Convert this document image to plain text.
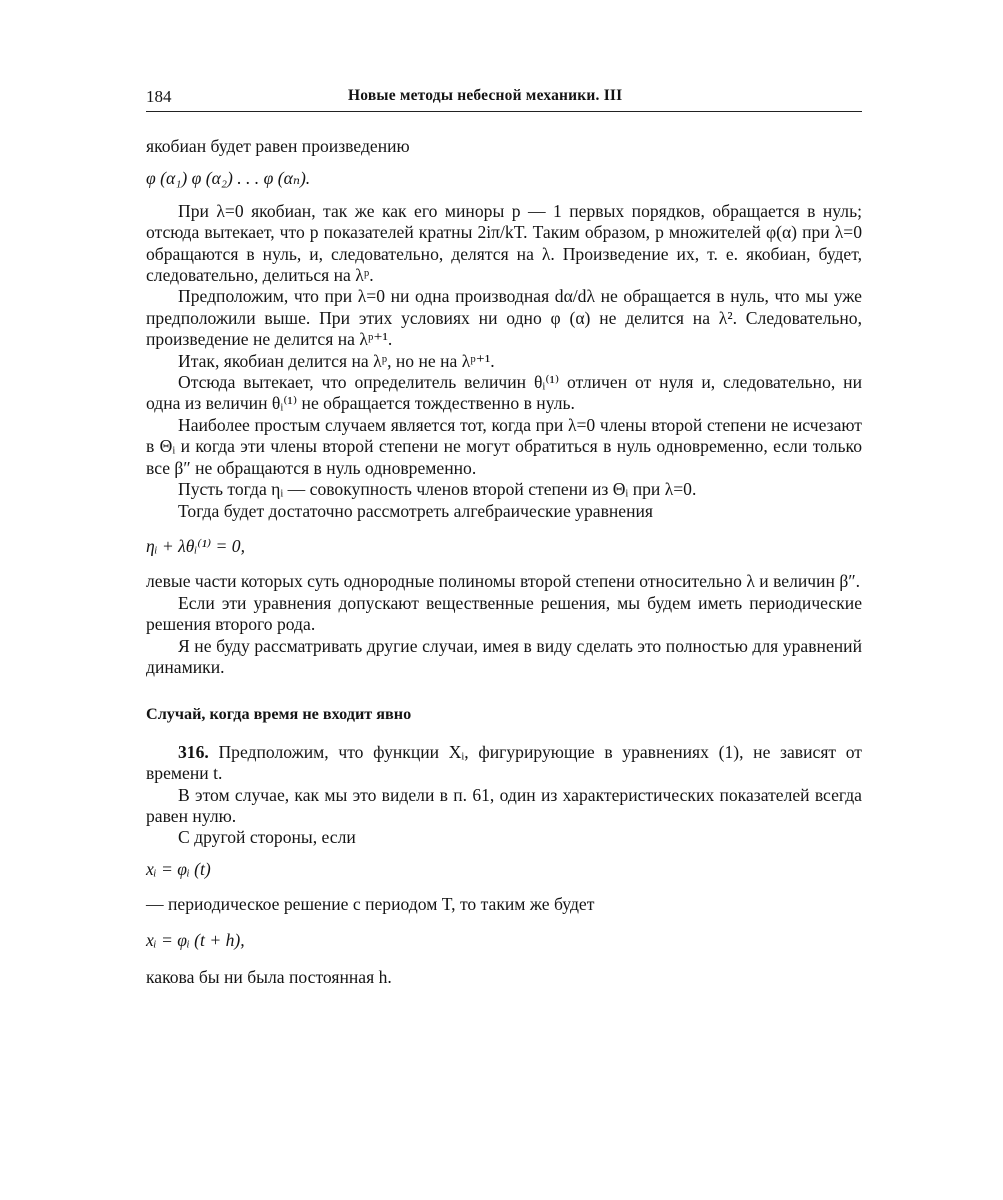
184	Новые методы небесной механики. III

якобиан будет равен произведению

φ (α₁) φ (α₂) . . . φ (αₙ).

При λ=0 якобиан, так же как его миноры p — 1 первых порядков, обращается в нуль; отсюда вытекает, что p показателей кратны 2iπ/kT. Таким образом, p множителей φ(α) при λ=0 обращаются в нуль, и, следовательно, делятся на λ. Произведение их, т. е. якобиан, будет, следовательно, делиться на λᵖ.

Предположим, что при λ=0 ни одна производная dα/dλ не обращается в нуль, что мы уже предположили выше. При этих условиях ни одно φ (α) не делится на λ². Следовательно, произведение не делится на λᵖ⁺¹.

Итак, якобиан делится на λᵖ, но не на λᵖ⁺¹.

Отсюда вытекает, что определитель величин θᵢ⁽¹⁾ отличен от нуля и, следовательно, ни одна из величин θᵢ⁽¹⁾ не обращается тождественно в нуль.

Наиболее простым случаем является тот, когда при λ=0 члены второй степени не исчезают в Θᵢ и когда эти члены второй степени не могут обратиться в нуль одновременно, если только все β″ не обращаются в нуль одновременно.

Пусть тогда ηᵢ — совокупность членов второй степени из Θᵢ при λ=0.

Тогда будет достаточно рассмотреть алгебраические уравнения

ηᵢ + λθᵢ⁽¹⁾ = 0,

левые части которых суть однородные полиномы второй степени относительно λ и величин β″.

Если эти уравнения допускают вещественные решения, мы будем иметь периодические решения второго рода.

Я не буду рассматривать другие случаи, имея в виду сделать это полностью для уравнений динамики.

Случай, когда время не входит явно

316. Предположим, что функции Xᵢ, фигурирующие в уравнениях (1), не зависят от времени t.

В этом случае, как мы это видели в п. 61, один из характеристических показателей всегда равен нулю.

С другой стороны, если

xᵢ = φᵢ (t)

— периодическое решение с периодом T, то таким же будет

xᵢ = φᵢ (t + h),

какова бы ни была постоянная h.
